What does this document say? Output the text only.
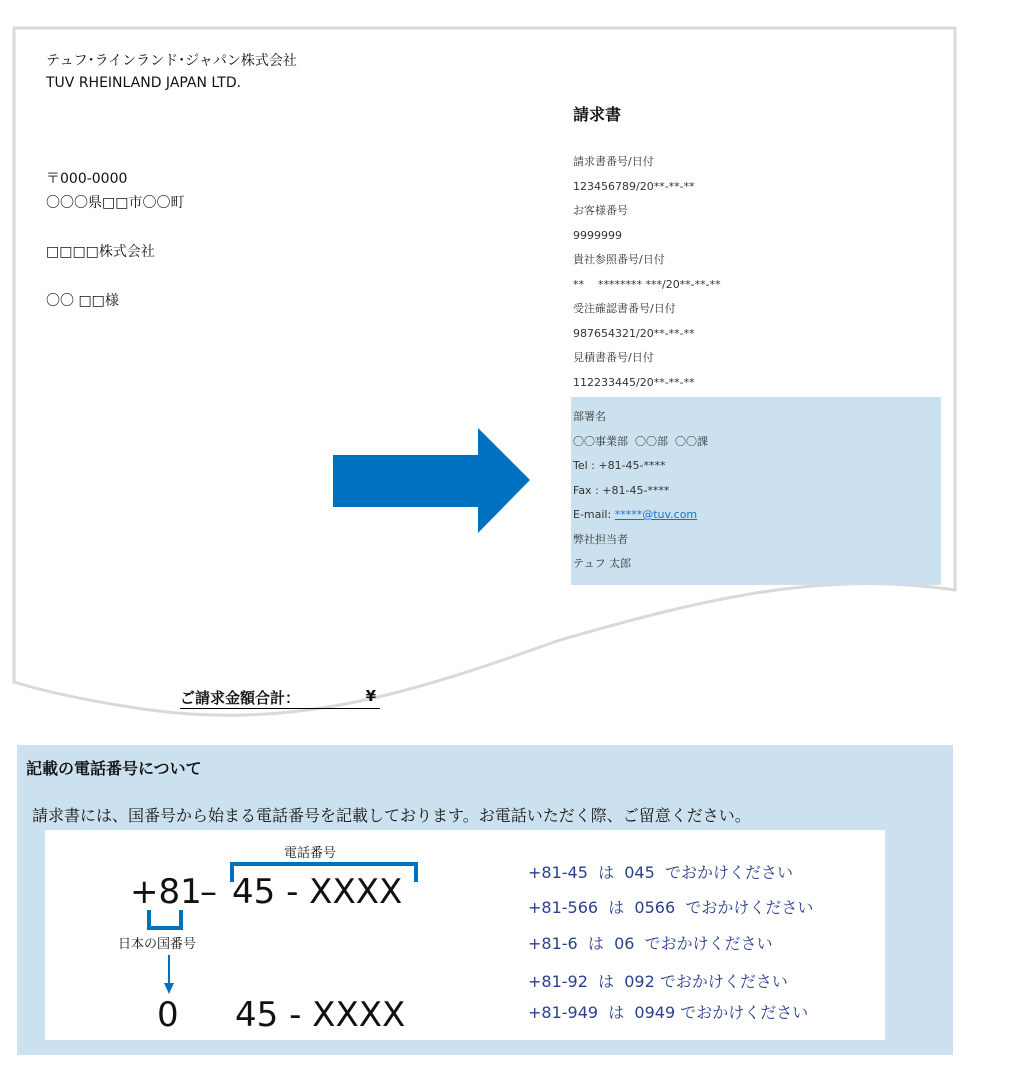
テュフ･ラインランド･ジャパン株式会社
TUV RHEINLAND JAPAN LTD.
請求書
〒000-0000
〇〇〇県□□市〇〇町
□□□□株式会社
〇〇 □□様
請求書番号/日付
123456789/20**-**-**
お客様番号
9999999
貴社参照番号/日付
**    ******** ***/20**-**-**
受注確認書番号/日付
987654321/20**-**-**
見積書番号/日付
112233445/20**-**-**
部署名
〇〇事業部  〇〇部  〇〇課
Tel : +81-45-****
Fax : +81-45-****
E-mail: *****@tuv.com
弊社担当者
テュフ 太郎
ご請求金額合計：	¥
記載の電話番号について
請求書には、国番号から始まる電話番号を記載しております。お電話いただく際、ご留意ください。
電話番号
+81
– 45 - XXXX
日本の国番号
0 45 - XXXX
+81-45  は  045  でおかけください
+81-566  は  0566  でおかけください
+81-6  は  06  でおかけください
+81-92  は  092 でおかけください
+81-949  は  0949 でおかけください
